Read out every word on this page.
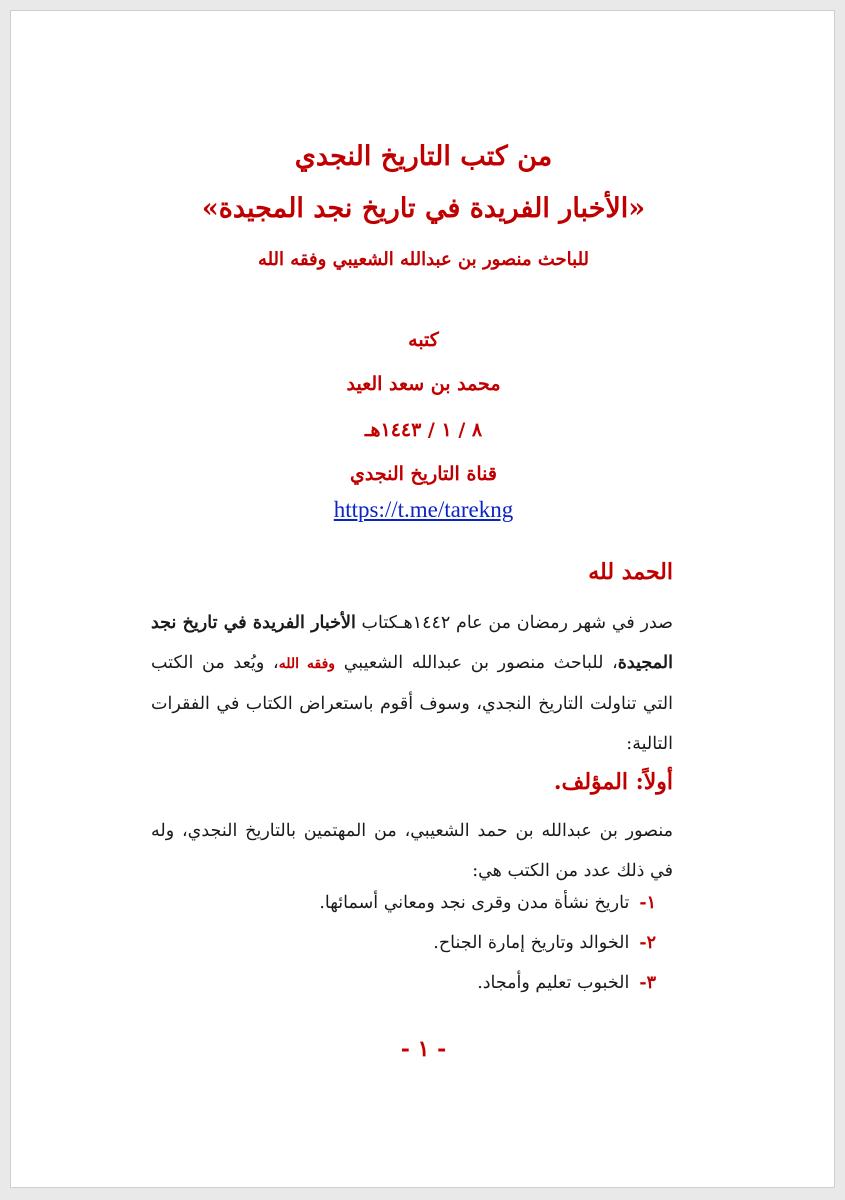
من كتب التاريخ النجدي
«الأخبار الفريدة في تاريخ نجد المجيدة»
للباحث منصور بن عبدالله الشعيبي وفقه الله
كتبه
محمد بن سعد العيد
٨ / ١ / ١٤٤٣هـ
قناة التاريخ النجدي
https://t.me/tarekng
الحمد لله
صدر في شهر رمضان من عام ١٤٤٢هـكتاب الأخبار الفريدة في تاريخ نجد المجيدة، للباحث منصور بن عبدالله الشعيبي وفقه الله، ويُعد من الكتب التي تناولت التاريخ النجدي، وسوف أقوم باستعراض الكتاب في الفقرات التالية:
أولاً: المؤلف.
منصور بن عبدالله بن حمد الشعيبي، من المهتمين بالتاريخ النجدي، وله في ذلك عدد من الكتب هي:
١-تاريخ نشأة مدن وقرى نجد ومعاني أسمائها.
٢-الخوالد وتاريخ إمارة الجناح.
٣-الخبوب تعليم وأمجاد.
- ١ -
